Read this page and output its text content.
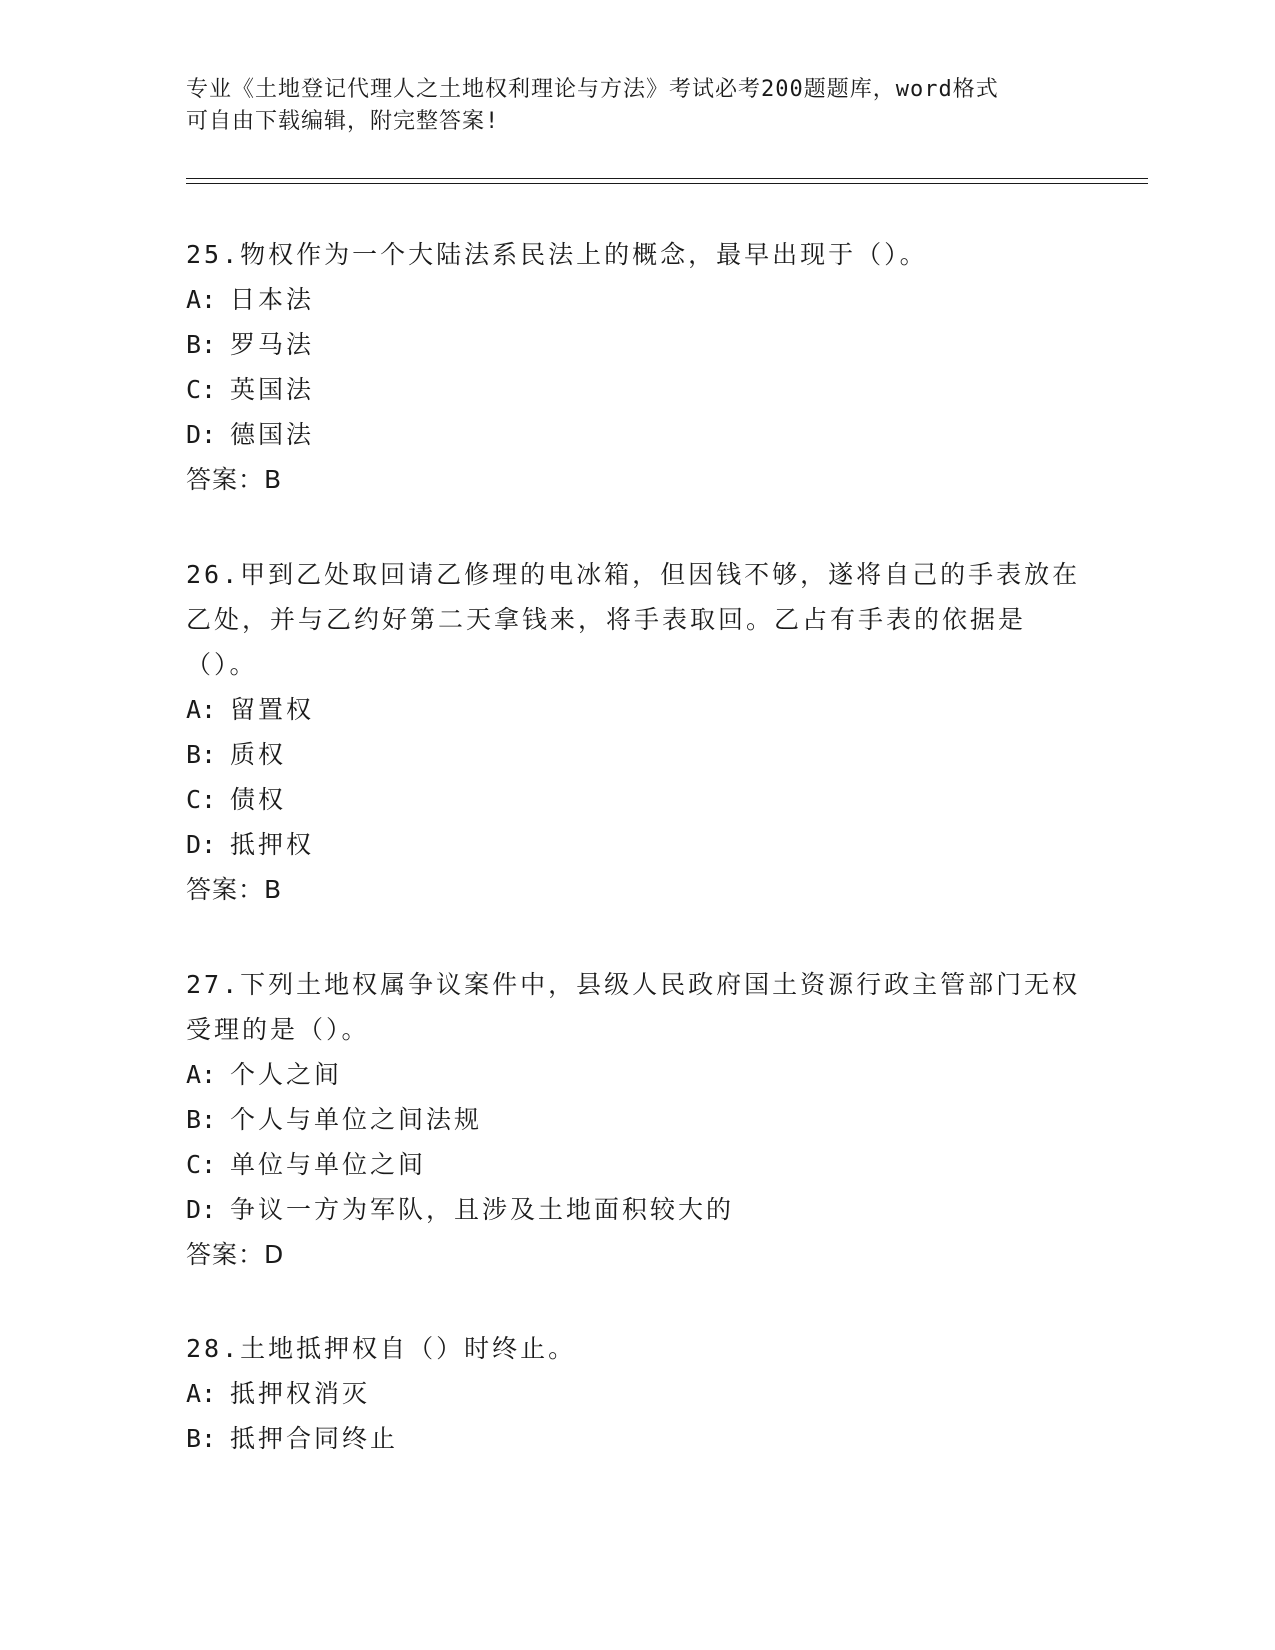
专业《土地登记代理人之土地权利理论与方法》考试必考200题题库，word格式
可自由下载编辑，附完整答案!

25.物权作为一个大陆法系民法上的概念，最早出现于（）。

A: 日本法

B: 罗马法

C: 英国法

D: 德国法

答案：B

26.甲到乙处取回请乙修理的电冰箱，但因钱不够，遂将自己的手表放在乙处，并与乙约好第二天拿钱来，将手表取回。乙占有手表的依据是（）。

A: 留置权

B: 质权

C: 债权

D: 抵押权

答案：B

27.下列土地权属争议案件中，县级人民政府国土资源行政主管部门无权受理的是（）。

A: 个人之间

B: 个人与单位之间法规

C: 单位与单位之间

D: 争议一方为军队，且涉及土地面积较大的

答案：D

28.土地抵押权自（）时终止。

A: 抵押权消灭

B: 抵押合同终止
